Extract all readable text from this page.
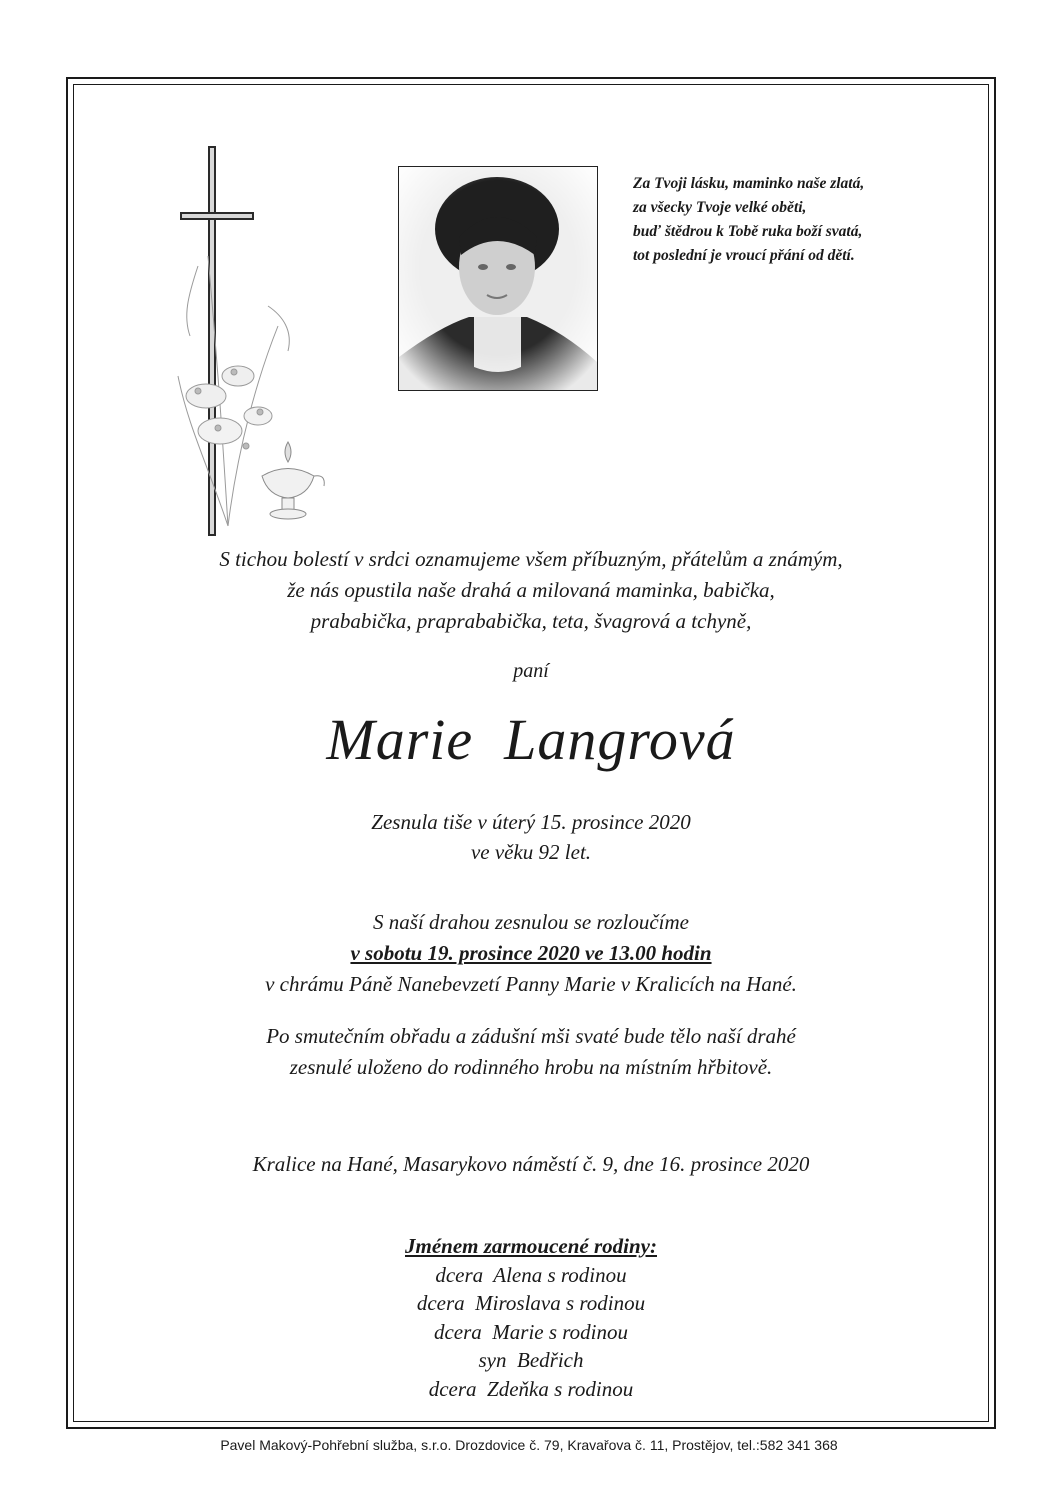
Za Tvoji lásku, maminko naše zlatá,
za všecky Tvoje velké oběti,
buď štědrou k Tobě ruka boží svatá,
tot poslední je vroucí přání od dětí.
S tichou bolestí v srdci oznamujeme všem příbuzným, přátelům a známým,
že nás opustila naše drahá a milovaná maminka, babička,
prababička, praprababička, teta, švagrová a tchyně,
paní
Marie  Langrová
Zesnula tiše v úterý 15. prosince 2020
ve věku 92 let.
S naší drahou zesnulou se rozloučíme
v sobotu 19. prosince 2020 ve 13.00 hodin
v chrámu Páně Nanebevzetí Panny Marie v Kralicích na Hané.
Po smutečním obřadu a zádušní mši svaté bude tělo naší drahé
zesnulé uloženo do rodinného hrobu na místním hřbitově.
Kralice na Hané, Masarykovo náměstí č. 9, dne 16. prosince 2020
Jménem zarmoucené rodiny:
dcera  Alena s rodinou
dcera  Miroslava s rodinou
dcera  Marie s rodinou
syn  Bedřich
dcera  Zdeňka s rodinou
Pavel Makový-Pohřební služba, s.r.o. Drozdovice č. 79, Kravařova č. 11, Prostějov, tel.:582 341 368
